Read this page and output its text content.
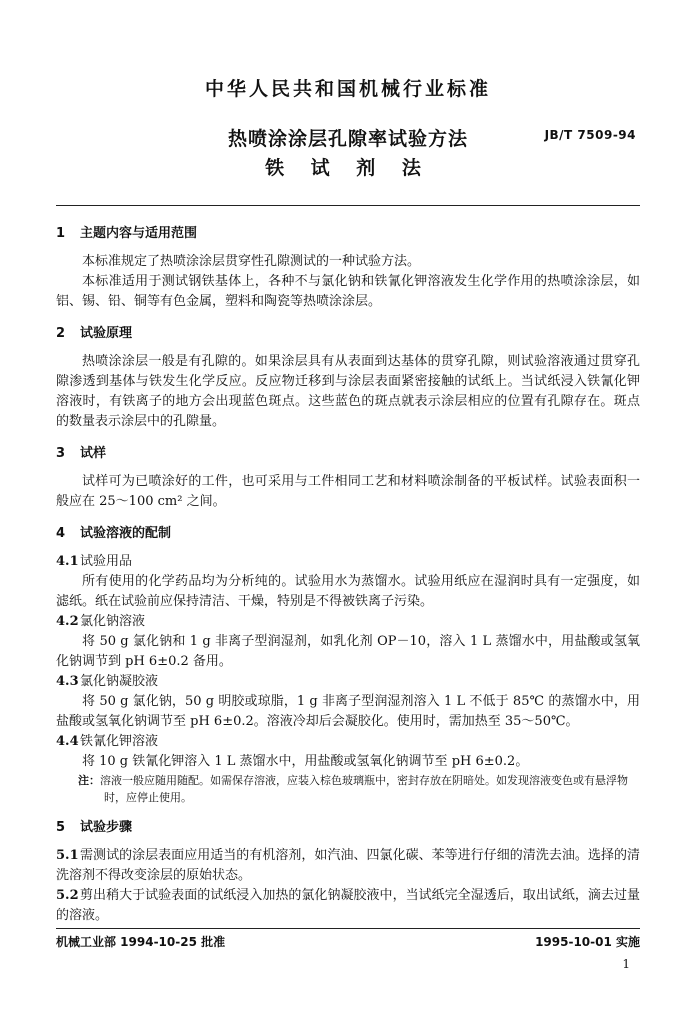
中华人民共和国机械行业标准
热喷涂涂层孔隙率试验方法
铁 试 剂 法
JB/T 7509-94
1 主题内容与适用范围

本标准规定了热喷涂涂层贯穿性孔隙测试的一种试验方法。

本标准适用于测试钢铁基体上，各种不与氯化钠和铁氰化钾溶液发生化学作用的热喷涂涂层，如铝、锡、铅、铜等有色金属，塑料和陶瓷等热喷涂涂层。

2 试验原理

热喷涂涂层一般是有孔隙的。如果涂层具有从表面到达基体的贯穿孔隙，则试验溶液通过贯穿孔隙渗透到基体与铁发生化学反应。反应物迁移到与涂层表面紧密接触的试纸上。当试纸浸入铁氰化钾溶液时，有铁离子的地方会出现蓝色斑点。这些蓝色的斑点就表示涂层相应的位置有孔隙存在。斑点的数量表示涂层中的孔隙量。

3 试样

试样可为已喷涂好的工件，也可采用与工件相同工艺和材料喷涂制备的平板试样。试验表面积一般应在 25～100 cm² 之间。

4 试验溶液的配制
4.1试验用品

所有使用的化学药品均为分析纯的。试验用水为蒸馏水。试验用纸应在湿润时具有一定强度，如滤纸。纸在试验前应保持清洁、干燥，特别是不得被铁离子污染。

4.2氯化钠溶液

将 50 g 氯化钠和 1 g 非离子型润湿剂，如乳化剂 OP－10，溶入 1 L 蒸馏水中，用盐酸或氢氧化钠调节到 pH 6±0.2 备用。

4.3氯化钠凝胶液

将 50 g 氯化钠，50 g 明胶或琼脂，1 g 非离子型润湿剂溶入 1 L 不低于 85℃ 的蒸馏水中，用盐酸或氢氧化钠调节至 pH 6±0.2。溶液冷却后会凝胶化。使用时，需加热至 35～50℃。

4.4铁氰化钾溶液

将 10 g 铁氰化钾溶入 1 L 蒸馏水中，用盐酸或氢氧化钠调节至 pH 6±0.2。

注：溶液一般应随用随配。如需保存溶液，应装入棕色玻璃瓶中，密封存放在阴暗处。如发现溶液变色或有悬浮物时，应停止使用。

5 试验步骤

5.1需测试的涂层表面应用适当的有机溶剂，如汽油、四氯化碳、苯等进行仔细的清洗去油。选择的清洗溶剂不得改变涂层的原始状态。

5.2剪出稍大于试验表面的试纸浸入加热的氯化钠凝胶液中，当试纸完全湿透后，取出试纸，滴去过量的溶液。

机械工业部 1994-10-25 批准	1995-10-01 实施
1
